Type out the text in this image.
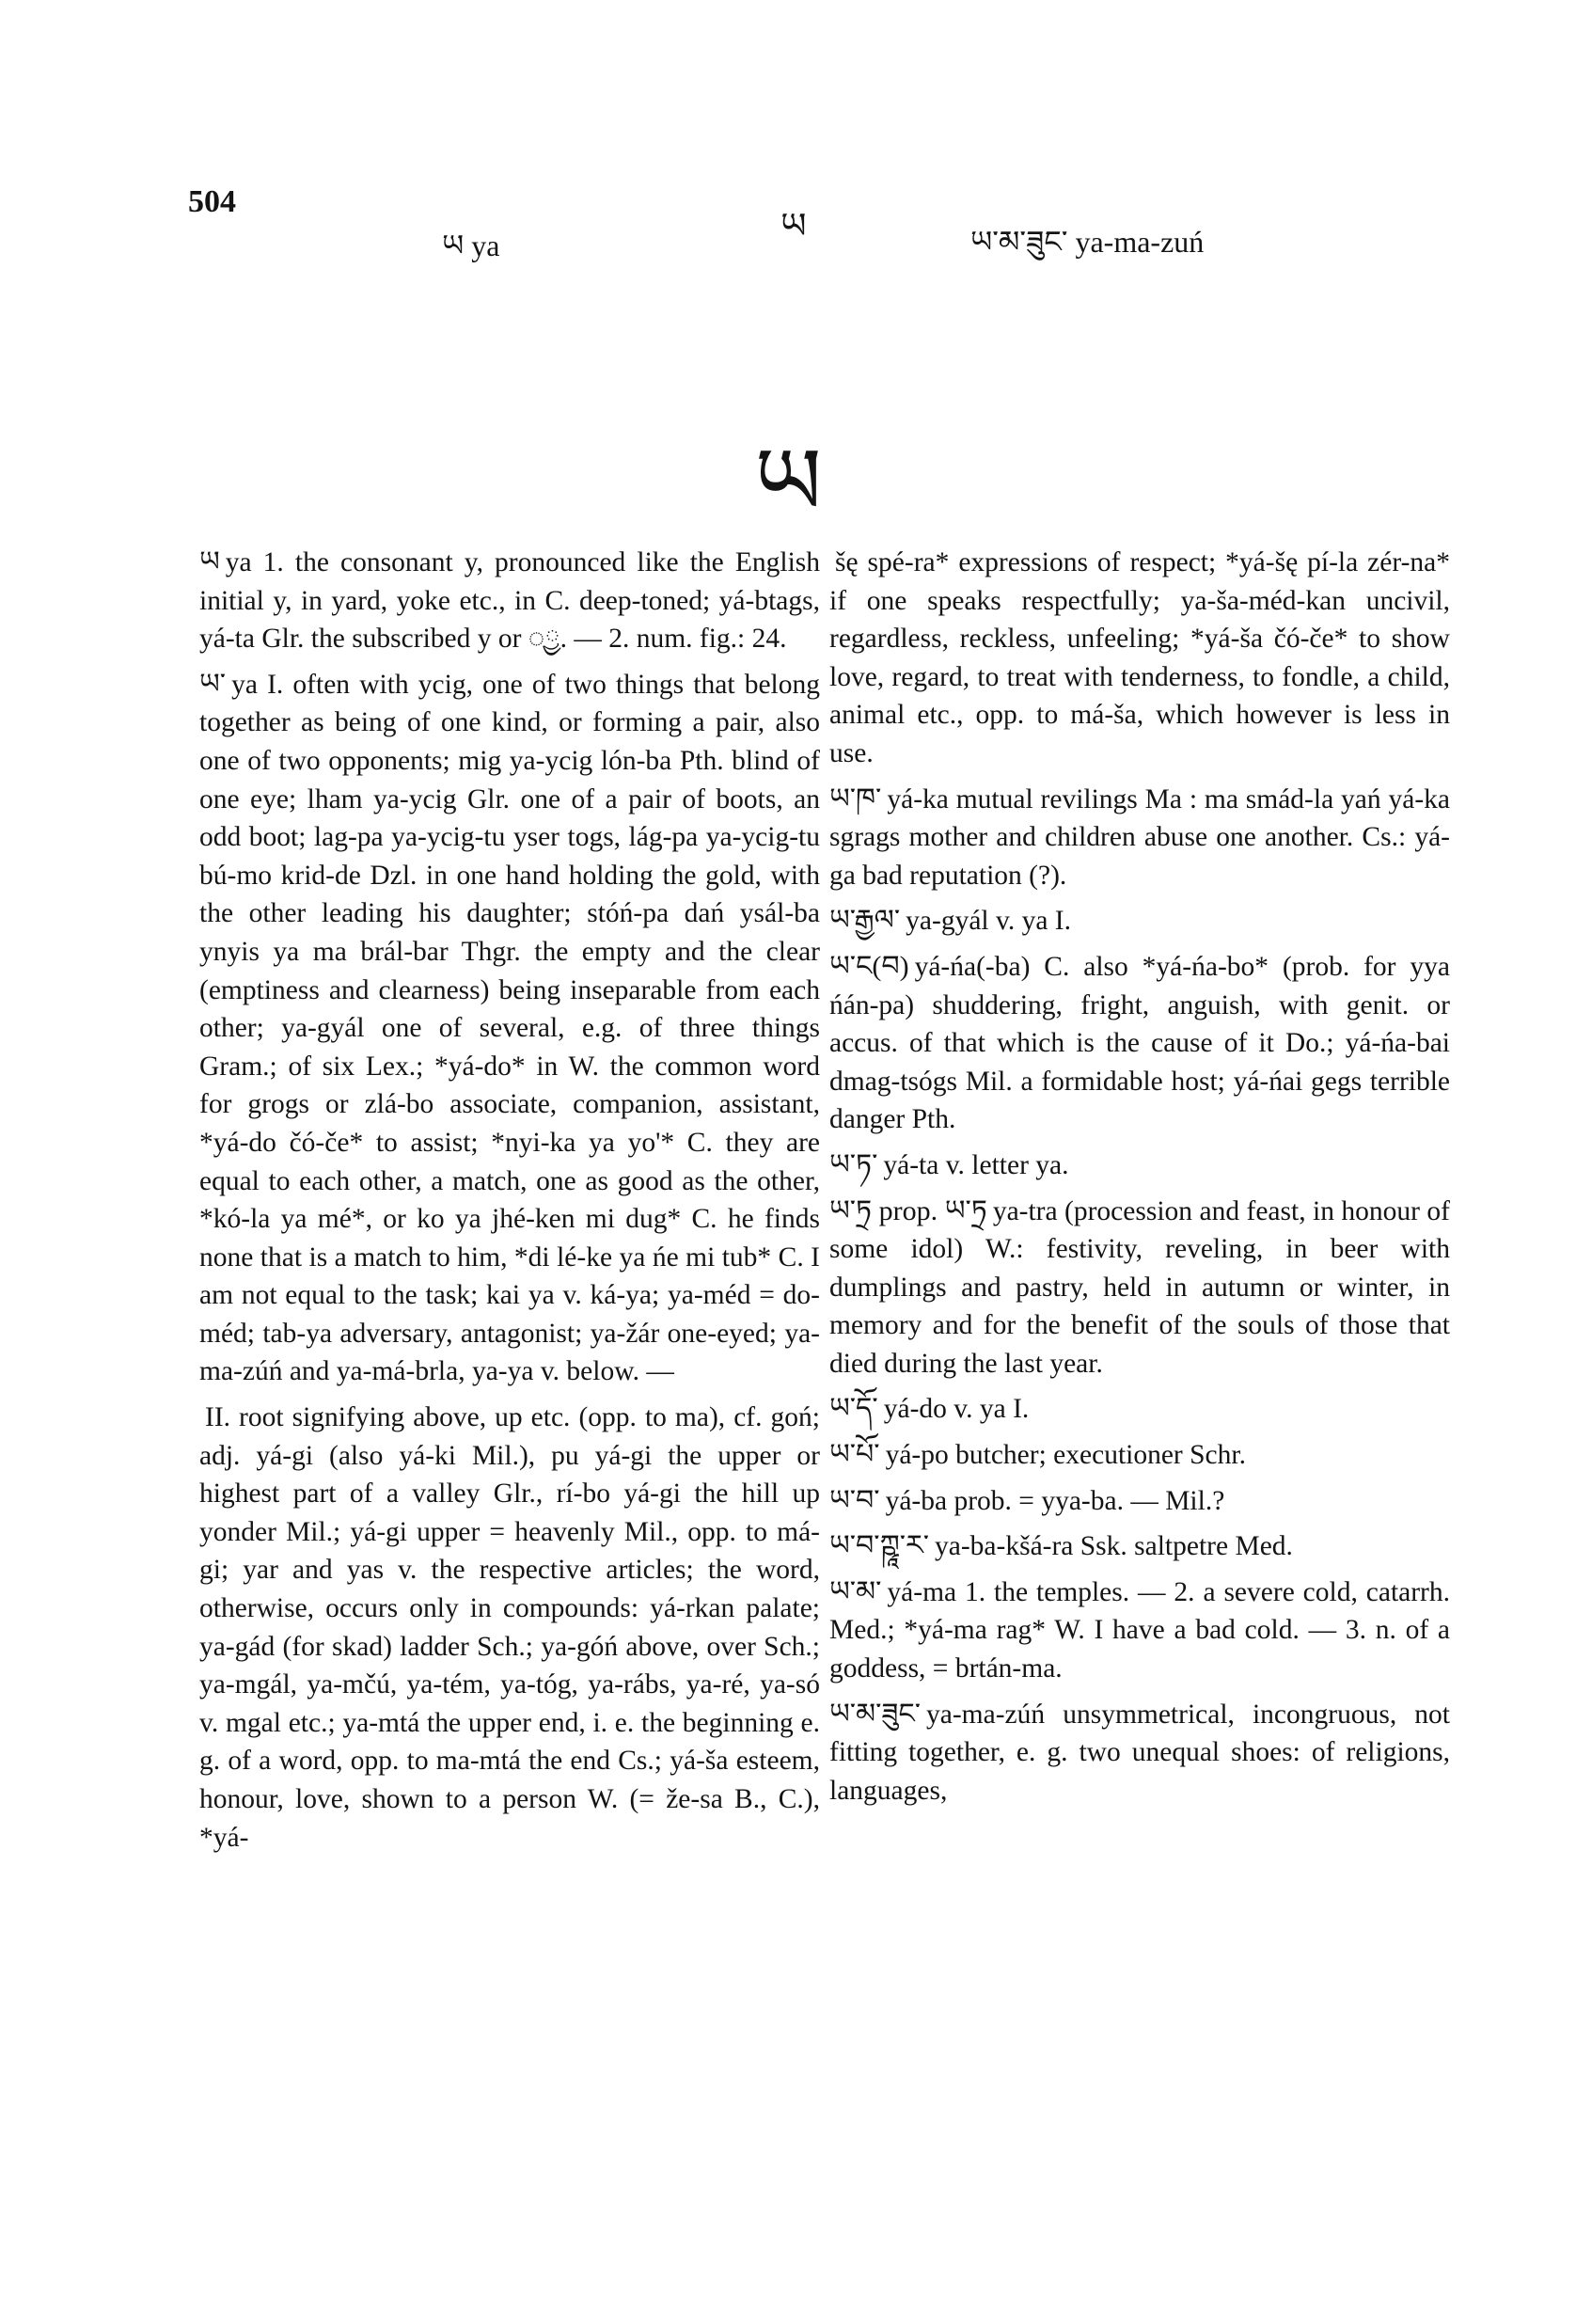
504
ཡ ya	ཡ	ཡ་མ་ཟུང་ ya-ma-zuń
ཡ

ཡ ya 1. the consonant y, pronounced like the English initial y, in yard, yoke etc., in C. deep-toned; yá-btags, yá-ta Glr. the subscribed y or ◌ྱ. — 2. num. fig.: 24.

ཡ་ ya I. often with ycig, one of two things that belong together as being of one kind, or forming a pair, also one of two opponents; mig ya-ycig lón-ba Pth. blind of one eye; lham ya-ycig Glr. one of a pair of boots, an odd boot; lag-pa ya-ycig-tu yser togs, lág-pa ya-ycig-tu bú-mo krid-de Dzl. in one hand holding the gold, with the other leading his daughter; stóń-pa dań ysál-ba ynyis ya ma brál-bar Thgr. the empty and the clear (emptiness and clearness) being inseparable from each other; ya-gyál one of several, e.g. of three things Gram.; of six Lex.; *yá-do* in W. the common word for grogs or zlá-bo associate, companion, assistant, *yá-do čó-če* to assist; *nyi-ka ya yo'* C. they are equal to each other, a match, one as good as the other, *kó-la ya mé*, or ko ya jhé-ken mi dug* C. he finds none that is a match to him, *di lé-ke ya ńe mi tub* C. I am not equal to the task; kai ya v. ká-ya; ya-méd = do-méd; tab-ya adversary, antagonist; ya-žár one-eyed; ya-ma-zúń and ya-má-brla, ya-ya v. below. —

II. root signifying above, up etc. (opp. to ma), cf. goń; adj. yá-gi (also yá-ki Mil.), pu yá-gi the upper or highest part of a valley Glr., rí-bo yá-gi the hill up yonder Mil.; yá-gi upper = heavenly Mil., opp. to má-gi; yar and yas v. the respective articles; the word, otherwise, occurs only in compounds: yá-rkan palate; ya-gád (for skad) ladder Sch.; ya-góń above, over Sch.; ya-mgál, ya-mčú, ya-tém, ya-tóg, ya-rábs, ya-ré, ya-só v. mgal etc.; ya-mtá the upper end, i. e. the beginning e. g. of a word, opp. to ma-mtá the end Cs.; yá-ša esteem, honour, love, shown to a person W. (= že-sa B., C.), *yá-

šę spé-ra* expressions of respect; *yá-šę pí-la zér-na* if one speaks respectfully; ya-ša-méd-kan uncivil, regardless, reckless, unfeeling; *yá-ša čó-če* to show love, regard, to treat with tenderness, to fondle, a child, animal etc., opp. to má-ša, which however is less in use.

ཡ་ཁ་ yá-ka mutual revilings Ma : ma smád-la yań yá-ka sgrags mother and children abuse one another. Cs.: yá-ga bad reputation (?).

ཡ་རྒྱལ་ ya-gyál v. ya I.

ཡ་ང(བ) yá-ńa(-ba) C. also *yá-ńa-bo* (prob. for yya ńán-pa) shuddering, fright, anguish, with genit. or accus. of that which is the cause of it Do.; yá-ńa-bai dmag-tsógs Mil. a formidable host; yá-ńai gegs terrible danger Pth.

ཡ་ཏ་ yá-ta v. letter ya.

ཡ་ཏྲ prop. ཡ་ཏྲ ya-tra (procession and feast, in honour of some idol) W.: festivity, reveling, in beer with dumplings and pastry, held in autumn or winter, in memory and for the benefit of the souls of those that died during the last year.

ཡ་དོ་ yá-do v. ya I.

ཡ་པོ་ yá-po butcher; executioner Schr.

ཡ་བ་ yá-ba prob. = yya-ba. — Mil.?

ཡ་བ་ཀྵཱ་ར་ ya-ba-kšá-ra Ssk. saltpetre Med.

ཡ་མ་ yá-ma 1. the temples. — 2. a severe cold, catarrh. Med.; *yá-ma rag* W. I have a bad cold. — 3. n. of a goddess, = brtán-ma.

ཡ་མ་ཟུང་ ya-ma-zúń unsymmetrical, incongruous, not fitting together, e. g. two unequal shoes: of religions, languages,
